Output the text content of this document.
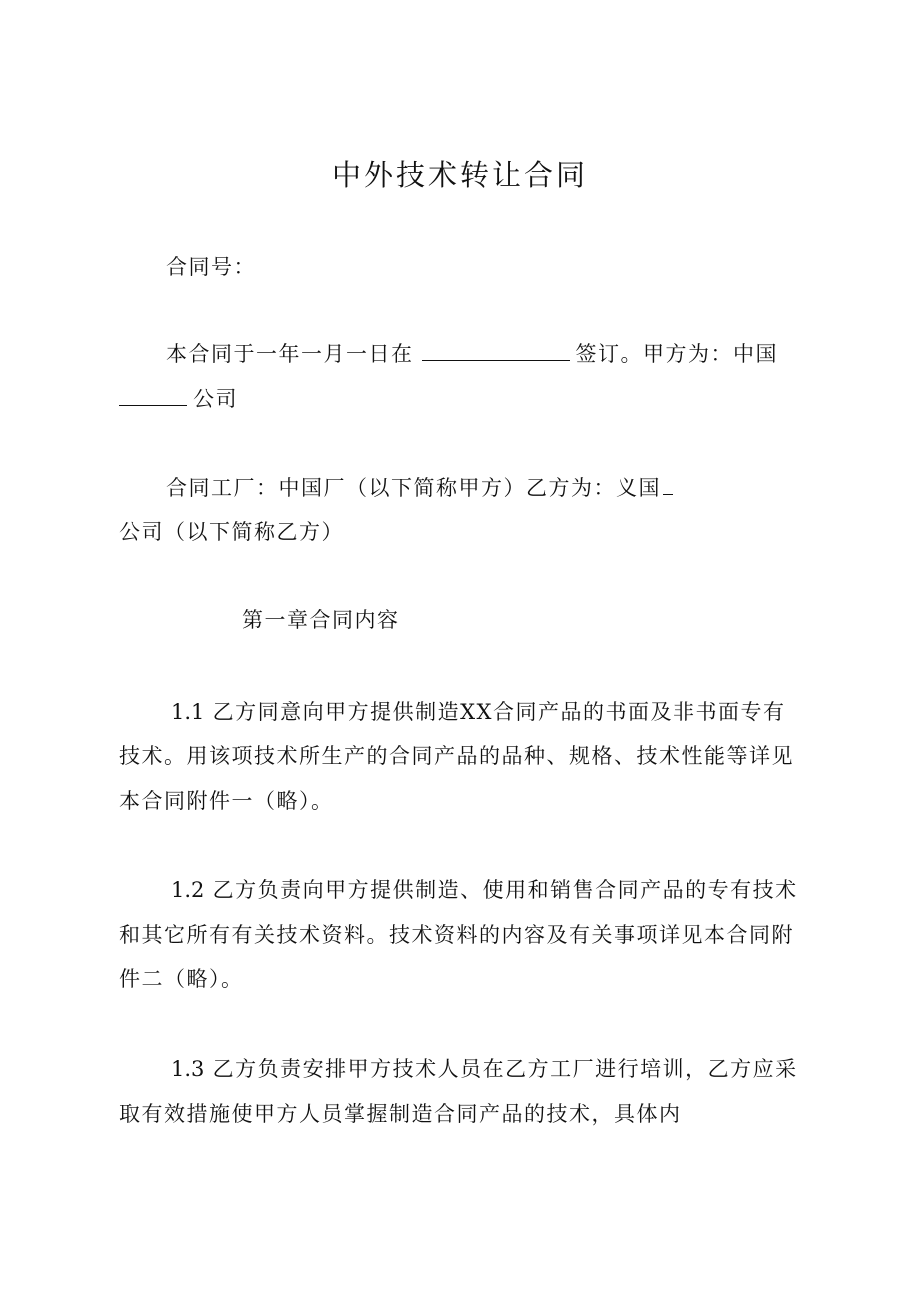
中外技术转让合同
合同号：
本合同于一年一月一日在	签订。甲方为：中国
公司
合同工厂：中国厂（以下简称甲方）乙方为：义国
公司（以下简称乙方）
第一章合同内容
1.1 乙方同意向甲方提供制造XX合同产品的书面及非书面专有
技术。用该项技术所生产的合同产品的品种、规格、技术性能等详见
本合同附件一（略）。
1.2 乙方负责向甲方提供制造、使用和销售合同产品的专有技术
和其它所有有关技术资料。技术资料的内容及有关事项详见本合同附
件二（略）。
1.3 乙方负责安排甲方技术人员在乙方工厂进行培训，乙方应采
取有效措施使甲方人员掌握制造合同产品的技术，具体内
